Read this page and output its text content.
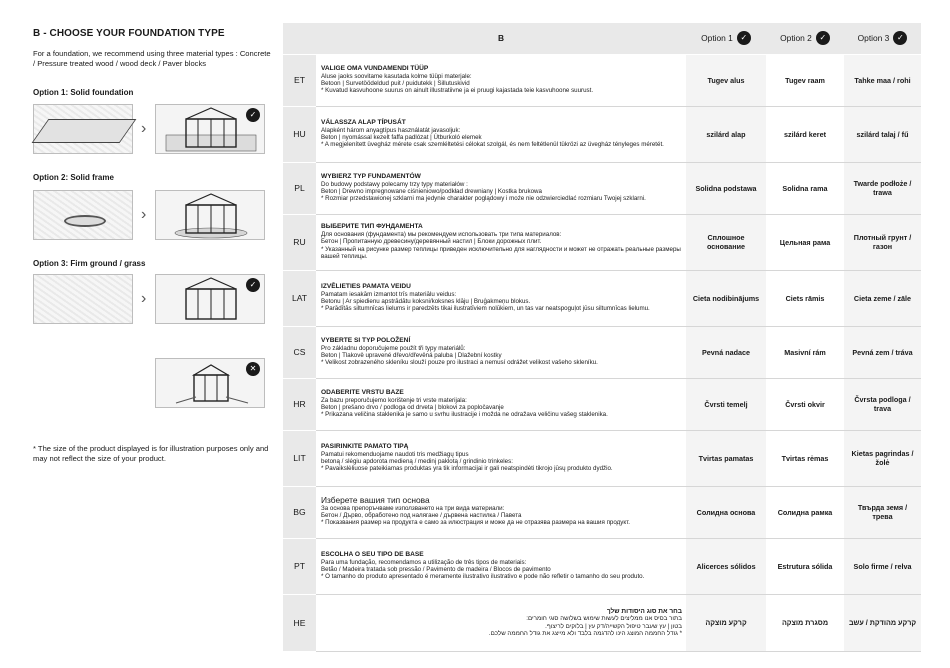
B - CHOOSE YOUR FOUNDATION TYPE
For a foundation, we recommend using three material types : Concrete / Pressure treated wood / wood deck / Paver blocks
Option 1: Solid foundation
›
✓
Option 2: Solid frame
›
Option 3: Firm ground / grass
›
✓
✕
* The size of the product displayed is for illustration purposes only and may not reflect the size of your product.
	B	Option 1 ✓	Option 2 ✓	Option 3 ✓

ET	VALIGE OMA VUNDAMENDI TÜÜP
Aluse jaoks soovitame kasutada kolme tüüpi materjale:
Betoon | Survetöödeldud puit / puidutekk | Sillutuskivid
* Kuvatud kasvuhoone suurus on ainult illustratiivne ja ei pruugi kajastada teie kasvuhoone suurust.	Tugev alus	Tugev raam	Tahke maa / rohi
HU	VÁLASSZA ALAP TÍPUSÁT
Alapként három anyagtípus használatát javasoljuk:
Beton | nyomással kezelt faffa padlózat | Útburkoló elemek
* A megjelenített üvegház mérete csak szemléltetési célokat szolgál, és nem feltétlenül tükrözi az üvegház tényleges méretét.	szilárd alap	szilárd keret	szilárd talaj / fű
PL	WYBIERZ TYP FUNDAMENTÓW
Do budowy podstawy polecamy trzy typy materiałów :
Beton | Drewno impregnowane ciśnieniowo/podkład drewniany | Kostka brukowa
* Rozmiar przedstawionej szklarni ma jedynie charakter poglądowy i może nie odzwierciedlać rozmiaru Twojej szklarni.	Solidna podstawa	Solidna rama	Twarde podłoże / trawa
RU	ВЫБЕРИТЕ ТИП ФУНДАМЕНТА
Для основания (фундамента) мы рекомендуем использовать три типа материалов:
Бетон | Пропитанную древесину/деревянный настил | Блоки дорожных плит.
* Указанный на рисунке размер теплицы приведен исключительно для наглядности и может не отражать реальные размеры вашей теплицы.	Сплошное основание	Цельная рама	Плотный грунт / газон
LAT	IZVĒLIETIES PAMATA VEIDU
Pamatam iesakām izmantot trīs materiālu veidus:
Betonu | Ar spiedienu apstrādātu koksni/koksnes klāju | Bruģakmeņu blokus.
* Parādītās siltumnīcas lielums ir paredzēts tikai ilustratīviem nolūkiem, un tas var neatspoguļot jūsu siltumnīcas lielumu.	Cieta nodibinājums	Ciets rāmis	Cieta zeme / zāle
CS	VYBERTE SI TYP POLOŽENÍ
Pro základnu doporučujeme použít tři typy materiálů:
Beton | Tlakově upravené dřevo/dřevěná paluba | Dlažební kostky
* Velikost zobrazeného skleníku slouží pouze pro ilustraci a nemusí odrážet velikost vašeho skleníku.	Pevná nadace	Masivní rám	Pevná zem / tráva
HR	ODABERITE VRSTU BAZE
Za bazu preporučujemo korištenje tri vrste materijala:
Beton | prešano drvo / podloga od drveta | blokovi za popločavanje
* Prikazana veličina staklenika je samo u svrhu ilustracije i možda ne odražava veličinu vašeg staklenika.	Čvrsti temelj	Čvrsti okvir	Čvrsta podloga / trava
LIT	PASIRINKITE PAMATO TIPĄ
Pamatui rekomenduojame naudoti tris medžiagų tipus
betoną / slėgiu apdorota medieną / medinį paklotą / grindinio trinkeles:
* Pavaikslėliuose pateikiamas produktas yra tik informacijai ir gali neatspindėti tikrojo jūsų produkto dydžio.	Tvirtas pamatas	Tvirtas rėmas	Kietas pagrindas / žolė
BG	Изберете вашия тип основа
За основа препоръчваме използването на три вида материали:
Бетон / Дърво, обработено под налягане / дървена настилка / Павета
* Показвания размер на продукта е само за илюстрация и може да не отразява размера на вашия продукт.	Солидна основа	Солидна рамка	Твърда земя / трева
PT	ESCOLHA O SEU TIPO DE BASE
Para uma fundação, recomendamos a utilização de três tipos de materiais:
Betão / Madeira tratada sob pressão / Pavimento de madeira / Blocos de pavimento
* O tamanho do produto apresentado é meramente ilustrativo ilustrativo e pode não refletir o tamanho do seu produto.	Alicerces sólidos	Estrutura sólida	Solo firme / relva
HE	בחר את סוג היסודות שלך
בתור בסיס אנו ממליצים לעשות שימוש בשלושה סוגי חומרים:
בטון | עץ שעבר טיפול הקשייה/דק עץ | בלוקים לריצוף.
* גודל החממה המוצג הינו להדגמה בלבד ולא מייצג את גודל החממה שלכם.	קרקע מוצקה	מסגרת מוצקה	קרקע מהודקת / עשב
